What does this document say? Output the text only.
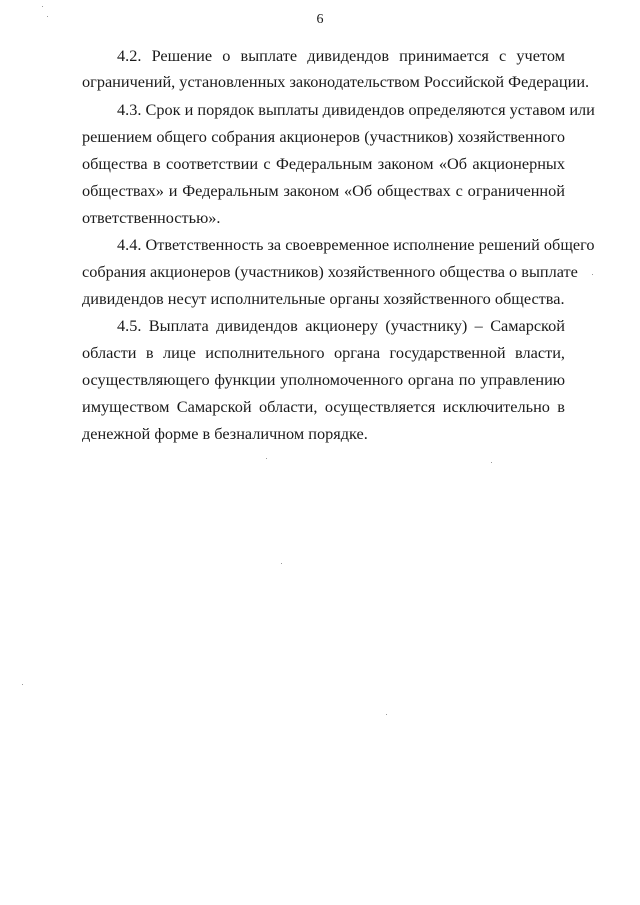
6
4.2. Решение о выплате дивидендов принимается с учетом
ограничений, установленных законодательством Российской Федерации.
4.3. Срок и порядок выплаты дивидендов определяются уставом или
решением общего собрания акционеров (участников) хозяйственного
общества в соответствии с Федеральным законом «Об акционерных
обществах» и Федеральным законом «Об обществах с ограниченной
ответственностью».
4.4. Ответственность за своевременное исполнение решений общего
собрания акционеров (участников) хозяйственного общества о выплате
дивидендов несут исполнительные органы хозяйственного общества.
4.5. Выплата дивидендов акционеру (участнику) – Самарской
области в лице исполнительного органа государственной власти,
осуществляющего функции уполномоченного органа по управлению
имуществом Самарской области, осуществляется исключительно в
денежной форме в безналичном порядке.
